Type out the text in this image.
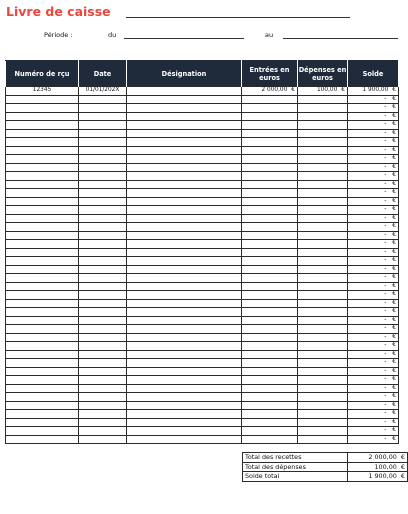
Livre de caisse
Période :	du	au
Numéro de rçu	Date	Désignation	Entrées en euros	Dépenses en euros	Solde
12345	01/01/202X		2 000,00 €	100,00 €	1 900,00 €

					- €

					- €

					- €

					- €

					- €

					- €

					- €

					- €

					- €

					- €

					- €

					- €

					- €

					- €

					- €

					- €

					- €

					- €

					- €

					- €

					- €

					- €

					- €

					- €

					- €

					- €

					- €

					- €

					- €

					- €

					- €

					- €

					- €

					- €

					- €

					- €

					- €

					- €

					- €

					- €

					- €
Total des recettes	2 000,00 €
Total des dépenses	100,00 €
Solde total	1 900,00 €
